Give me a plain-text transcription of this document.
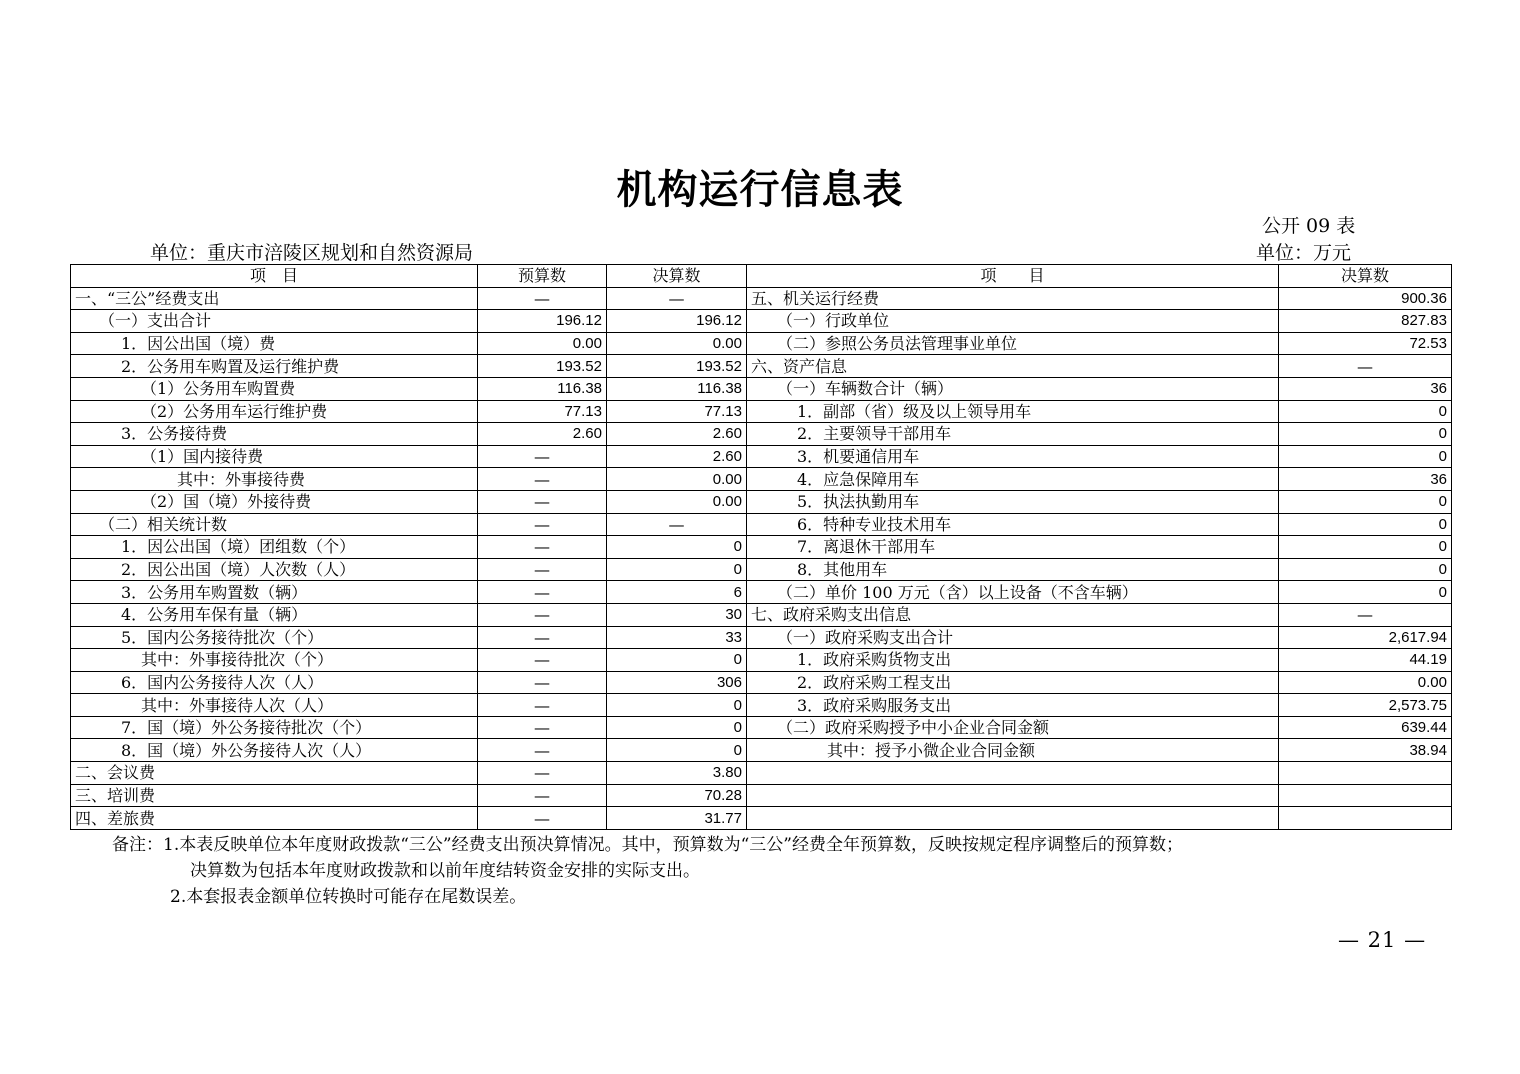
机构运行信息表
公开 09 表
单位：重庆市涪陵区规划和自然资源局	单位：万元
项　目	预算数	决算数	项　　目	决算数
一、“三公”经费支出	—	—	五、机关运行经费	900.36
（一）支出合计	196.12	196.12	（一）行政单位	827.83
1．因公出国（境）费	0.00	0.00	（二）参照公务员法管理事业单位	72.53
2．公务用车购置及运行维护费	193.52	193.52	六、资产信息	—
（1）公务用车购置费	116.38	116.38	（一）车辆数合计（辆）	36
（2）公务用车运行维护费	77.13	77.13	1．副部（省）级及以上领导用车	0
3．公务接待费	2.60	2.60	2．主要领导干部用车	0
（1）国内接待费	—	2.60	3．机要通信用车	0
其中：外事接待费	—	0.00	4．应急保障用车	36
（2）国（境）外接待费	—	0.00	5．执法执勤用车	0
（二）相关统计数	—	—	6．特种专业技术用车	0
1．因公出国（境）团组数（个）	—	0	7．离退休干部用车	0
2．因公出国（境）人次数（人）	—	0	8．其他用车	0
3．公务用车购置数（辆）	—	6	（二）单价 100 万元（含）以上设备（不含车辆）	0
4．公务用车保有量（辆）	—	30	七、政府采购支出信息	—
5．国内公务接待批次（个）	—	33	（一）政府采购支出合计	2,617.94
其中：外事接待批次（个）	—	0	1．政府采购货物支出	44.19
6．国内公务接待人次（人）	—	306	2．政府采购工程支出	0.00
其中：外事接待人次（人）	—	0	3．政府采购服务支出	2,573.75
7．国（境）外公务接待批次（个）	—	0	（二）政府采购授予中小企业合同金额	639.44
8．国（境）外公务接待人次（人）	—	0	其中：授予小微企业合同金额	38.94
二、会议费	—	3.80		
三、培训费	—	70.28		
四、差旅费	—	31.77		
备注：1.本表反映单位本年度财政拨款“三公”经费支出预决算情况。其中，预算数为“三公”经费全年预算数，反映按规定程序调整后的预算数；
决算数为包括本年度财政拨款和以前年度结转资金安排的实际支出。
2.本套报表金额单位转换时可能存在尾数误差。
— 21 —
